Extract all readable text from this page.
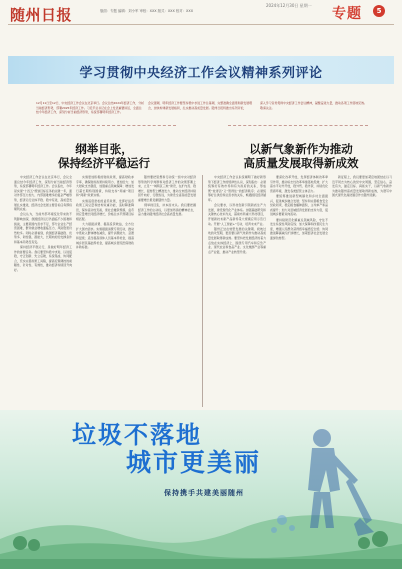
随州日报
2024年12月30日 星期一
版面：专题 编辑：刘小军 审校：XXX 版式：XXX 校对：XXX	专题	5
学习贯彻中央经济工作会议精神系列评论

12月11日至12日，中央经济工作会议在北京举行。会议总结2024年经济工作，分析当前经济形势，部署2025年经济工作。习近平总书记在会上发表重要讲话，全面总结今年经济工作，深刻分析当前经济形势，系统部署明年经济工作。

会议强调，明年经济工作要坚持稳中求进工作总基调，完整准确全面贯彻新发展理念，加快构建新发展格局，扎实推动高质量发展。随州日报特推出系列评论，

深入学习宣传贯彻中央经济工作会议精神，凝聚奋进力量，推动各项工作落地见效。敬请关注。

纲举目张，
保持经济平稳运行

中央经济工作会议在北京举行，会议全面总结今年经济工作，深刻分析当前经济形势，系统部署明年经济工作。会议指出，今年是实现“十四五”规划目标任务的关键一年，面对外部压力加大、内部困难增多的复杂严峻形势，经济运行总体平稳、稳中有进，高质量发展扎实推进，经济社会发展主要目标任务即将顺利完成。

会议认为，当前外部环境变化带来的不利影响加深，我国经济运行仍面临不少困难和挑战，主要是国内需求不足，部分企业生产经营困难，群众就业增收面临压力，风险隐患仍然较多。同时必须看到，我国经济基础稳、优势多、韧性强、潜能大，长期向好的支撑条件和基本趋势没有变。

保持经济平稳运行，是做好明年经济工作的首要任务。我们要坚持稳中求进、以进促稳，守正创新、先立后破，系统集成、协同配合，充实完善政策工具箱，提高宏观调控的前瞻性、针对性、有效性，推动经济持续回升向好。

实施更加积极的财政政策，提高财政赤字率，确保财政政策持续用力、更加给力；加大财政支出强度，加强重点领域保障；增加发行超长期特别国债，持续支持“两重”项目和“两新”政策实施。

实施适度宽松的货币政策，发挥好货币政策工具总量和结构双重功能，适时降准降息，保持流动性充裕，使社会融资规模、货币供应量增长同经济增长、价格总水平预期目标相匹配。

大力提振消费、提高投资效益，全方位扩大国内需求。实施提振消费专项行动，推动中低收入群体增收减负，提升消费能力、意愿和层级；适当提高退休人员基本养老金，提高城乡居民基础养老金，提高城乡居民医保财政补助标准。

随州要把思想和行动统一到中央对经济形势的科学判断和对经济工作的决策部署上来，立足“一城两区三地”建设，在扩内需、稳增长、促转型上精准发力，推动全市经济持续回升向好、行稳致远，为建设全省高质量发展重要增长极贡献随州力量。

纲举则目张，执本而末从。我们要把握经济工作的主动权，以更加昂扬的精神状态，奋力推动随州经济社会高质量发展。

以新气象新作为推动
高质量发展取得新成效

中央经济工作会议系统阐明了做好新形势下经济工作的规律性认识，深刻指出：必须统筹好有效市场和有为政府的关系，形成既“放得活”又“管得住”的经济秩序；必须统筹好总供给和总需求的关系，畅通国民经济循环。

会议要求，以科技创新引领新质生产力发展，建设现代化产业体系。加强基础研究和关键核心技术攻关，超前布局重大科技项目，开展新技术新产品新场景大规模应用示范行动。开展“人工智能+”行动，培育未来产业。

随州正处在转型发展的关键期、爬坡过坎的攻坚期，更需要以新气象新作为推动高质量发展取得新成效。要坚持把发展经济的着力点放在实体经济上，围绕专用汽车和应急产业、现代农业和食品产业、文化旅游产业等重点产业链，推动产业转型升级。

要深化改革开放，发挥经济体制改革牵引作用，推动标志性改革举措落地见效；扩大高水平对外开放，稳外贸、稳外资，持续优化营商环境，激发各类经营主体活力。

要统筹推进新型城镇化和乡村全面振兴，促进城乡融合发展；坚持和完善粮食安全党政同责，稳定粮食播种面积，主攻单产和品质提升；加大对县域经济发展的支持力度，促进城乡要素双向流动。

要持续防范化解重点领域风险，守住不发生系统性风险底线；加大保障和改善民生力度，增强人民群众获得感幸福感安全感；协同推进降碳减污扩绿增长，加紧经济社会发展全面绿色转型。

新征程上，我们要更加紧密地团结在以习近平同志为核心的党中央周围，坚定信心、奋发有为，锚定目标、真抓实干，以新气象新作为推动随州高质量发展取得新成效，为谱写中国式现代化湖北篇章作出随州贡献。

垃圾不落地
城市更美丽
保持携手共建美丽随州
